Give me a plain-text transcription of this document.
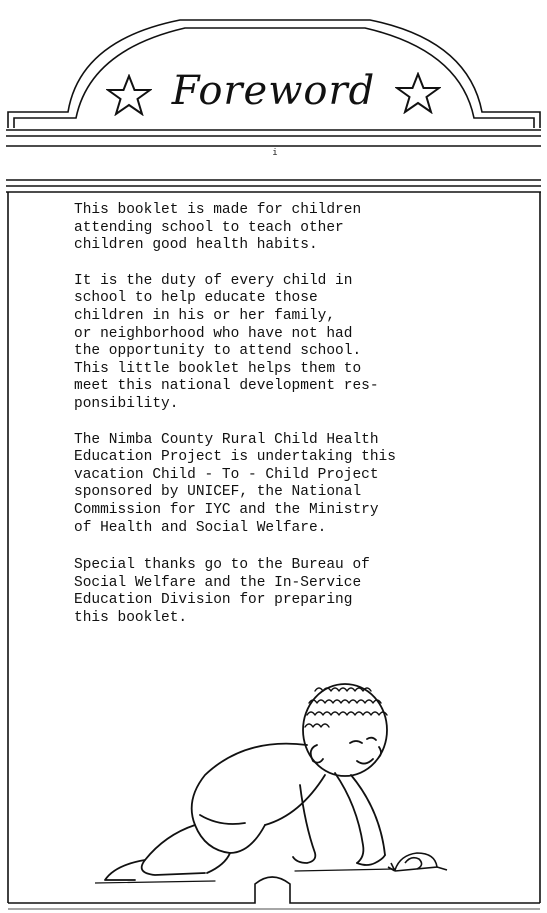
Foreword
i

This booklet is made for children
attending school to teach other
children good health habits.

It is the duty of every child in
school to help educate those
children in his or her family,
or neighborhood who have not had
the opportunity to attend school.
This little booklet helps them to
meet this national development res-
ponsibility.

The Nimba County Rural Child Health
Education Project is undertaking this
vacation Child - To - Child Project
sponsored by UNICEF, the National
Commission for IYC and the Ministry
of Health and Social Welfare.

Special thanks go to the Bureau of
Social Welfare and the In-Service
Education Division for preparing
this booklet.
